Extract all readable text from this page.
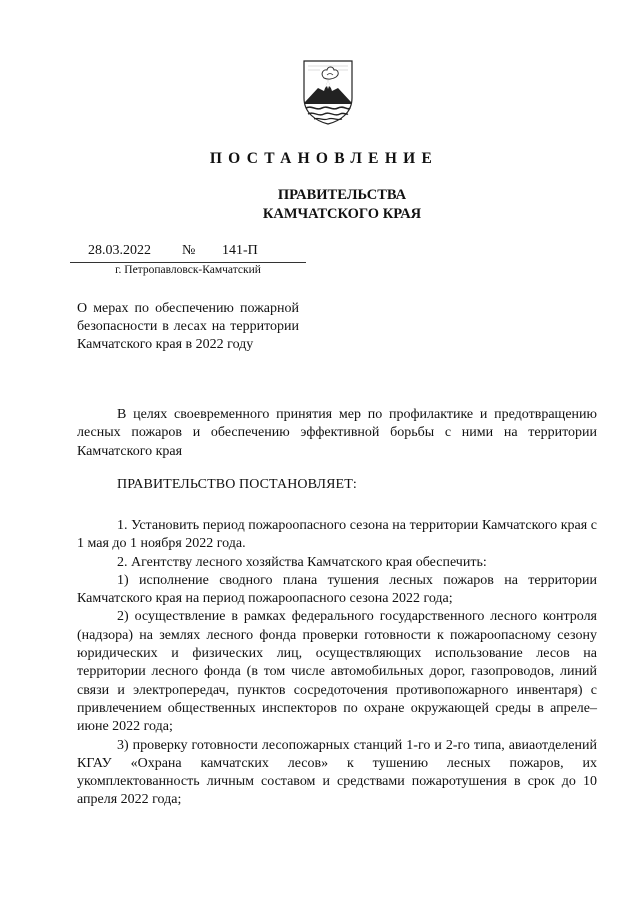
ПОСТАНОВЛЕНИЕ
ПРАВИТЕЛЬСТВА
КАМЧАТСКОГО КРАЯ
28.03.2022 № 141-П
г. Петропавловск-Камчатский
О мерах по обеспечению пожарной безопасности в лесах на территории Камчатского края в 2022 году

В целях своевременного принятия мер по профилактике и предотвращению лесных пожаров и обеспечению эффективной борьбы с ними на территории Камчатского края

ПРАВИТЕЛЬСТВО ПОСТАНОВЛЯЕТ:

1. Установить период пожароопасного сезона на территории Камчатского края с 1 мая до 1 ноября 2022 года.

2. Агентству лесного хозяйства Камчатского края обеспечить:

1) исполнение сводного плана тушения лесных пожаров на территории Камчатского края на период пожароопасного сезона 2022 года;

2) осуществление в рамках федерального государственного лесного контроля (надзора) на землях лесного фонда проверки готовности к пожароопасному сезону юридических и физических лиц, осуществляющих использование лесов на территории лесного фонда (в том числе автомобильных дорог, газопроводов, линий связи и электропередач, пунктов сосредоточения противопожарного инвентаря) с привлечением общественных инспекторов по охране окружающей среды в апреле–июне 2022 года;

3) проверку готовности лесопожарных станций 1-го и 2-го типа, авиаотделений КГАУ «Охрана камчатских лесов» к тушению лесных пожаров, их укомплектованность личным составом и средствами пожаротушения в срок до 10 апреля 2022 года;
